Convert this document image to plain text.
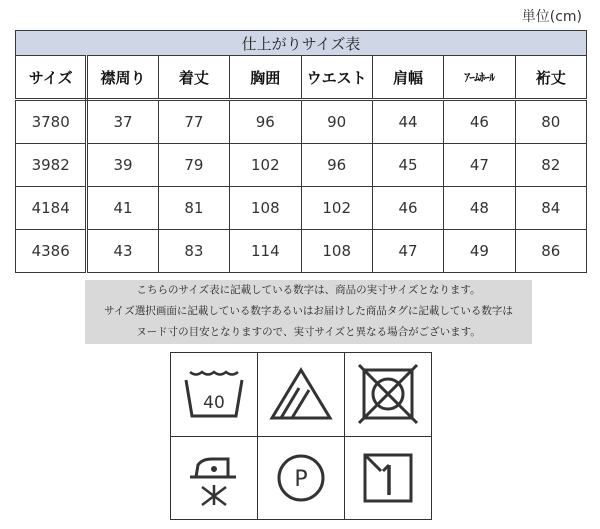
単位(cm)
仕上がりサイズ表							
サイズ	襟周り	着丈	胸囲	ウエスト	肩幅	ｱｰﾑﾎｰﾙ	裄丈
3780	37	77	96	90	44	46	80
3982	39	79	102	96	45	47	82
4184	41	81	108	102	46	48	84
4386	43	83	114	108	47	49	86
こちらのサイズ表に記載している数字は、商品の実寸サイズとなります。
サイズ選択画面に記載している数字あるいはお届けした商品タグに記載している数字は
ヌード寸の目安となりますので、実寸サイズと異なる場合がございます。
40

P
